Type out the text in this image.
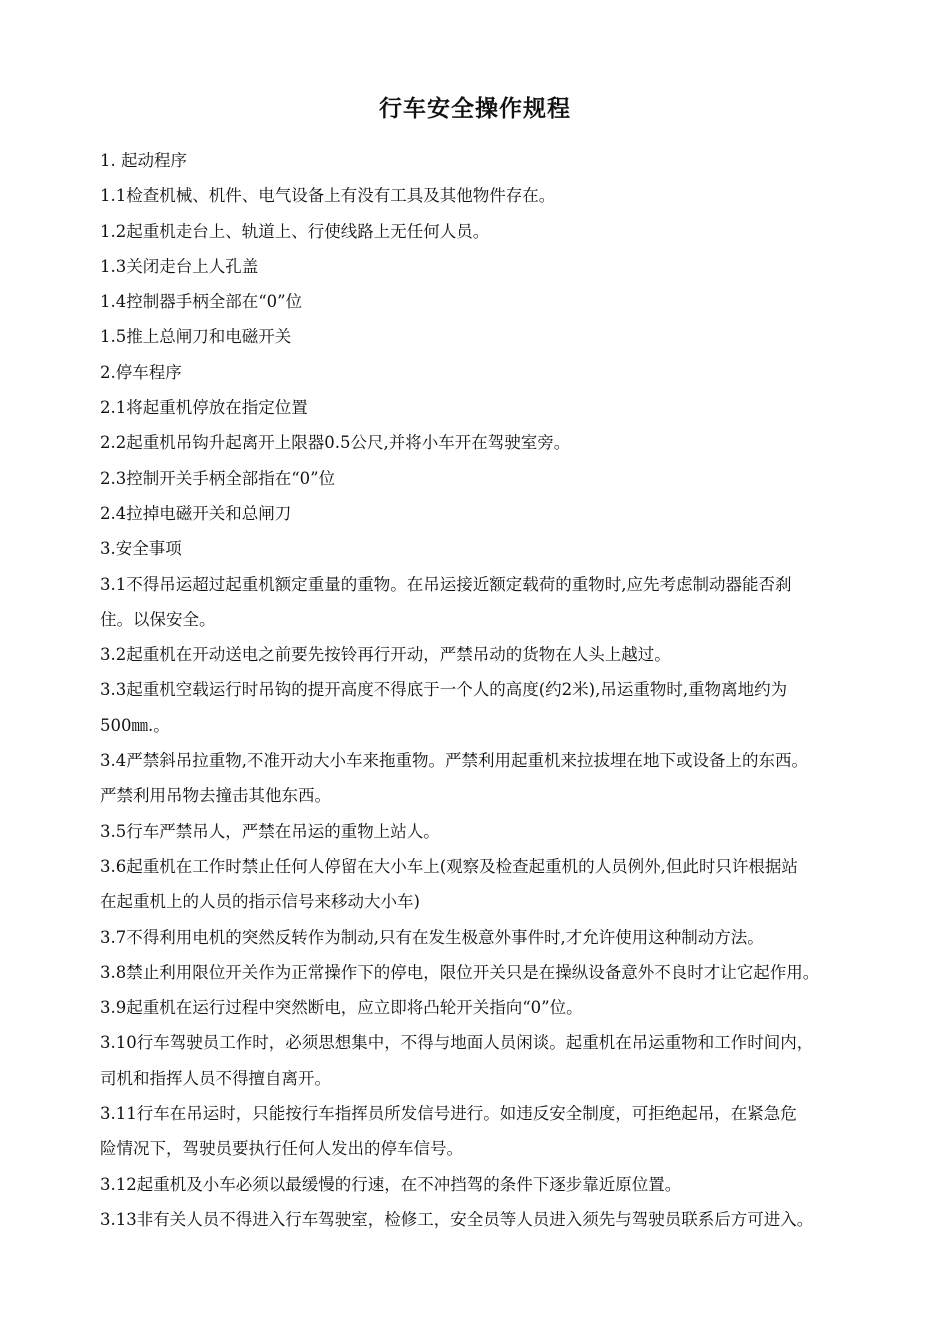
行车安全操作规程
1. 起动程序
1.1检查机械、机件、电气设备上有没有工具及其他物件存在。
1.2起重机走台上、轨道上、行使线路上无任何人员。
1.3关闭走台上人孔盖
1.4控制器手柄全部在“0”位
1.5推上总闸刀和电磁开关
2.停车程序
2.1将起重机停放在指定位置
2.2起重机吊钩升起离开上限器0.5公尺,并将小车开在驾驶室旁。
2.3控制开关手柄全部指在“0”位
2.4拉掉电磁开关和总闸刀
3.安全事项
3.1不得吊运超过起重机额定重量的重物。在吊运接近额定载荷的重物时,应先考虑制动器能否刹
住。以保安全。
3.2起重机在开动送电之前要先按铃再行开动，严禁吊动的货物在人头上越过。
3.3起重机空载运行时吊钩的提开高度不得底于一个人的高度(约2米),吊运重物时,重物离地约为
500㎜.。
3.4严禁斜吊拉重物,不准开动大小车来拖重物。严禁利用起重机来拉拔埋在地下或设备上的东西。
严禁利用吊物去撞击其他东西。
3.5行车严禁吊人，严禁在吊运的重物上站人。
3.6起重机在工作时禁止任何人停留在大小车上(观察及检查起重机的人员例外,但此时只许根据站
在起重机上的人员的指示信号来移动大小车)
3.7不得利用电机的突然反转作为制动,只有在发生极意外事件时,才允许使用这种制动方法。
3.8禁止利用限位开关作为正常操作下的停电，限位开关只是在操纵设备意外不良时才让它起作用。
3.9起重机在运行过程中突然断电，应立即将凸轮开关指向“0”位。
3.10行车驾驶员工作时，必须思想集中，不得与地面人员闲谈。起重机在吊运重物和工作时间内，
司机和指挥人员不得擅自离开。
3.11行车在吊运时，只能按行车指挥员所发信号进行。如违反安全制度，可拒绝起吊，在紧急危
险情况下，驾驶员要执行任何人发出的停车信号。
3.12起重机及小车必须以最缓慢的行速，在不冲挡驾的条件下逐步靠近原位置。
3.13非有关人员不得进入行车驾驶室，检修工，安全员等人员进入须先与驾驶员联系后方可进入。
